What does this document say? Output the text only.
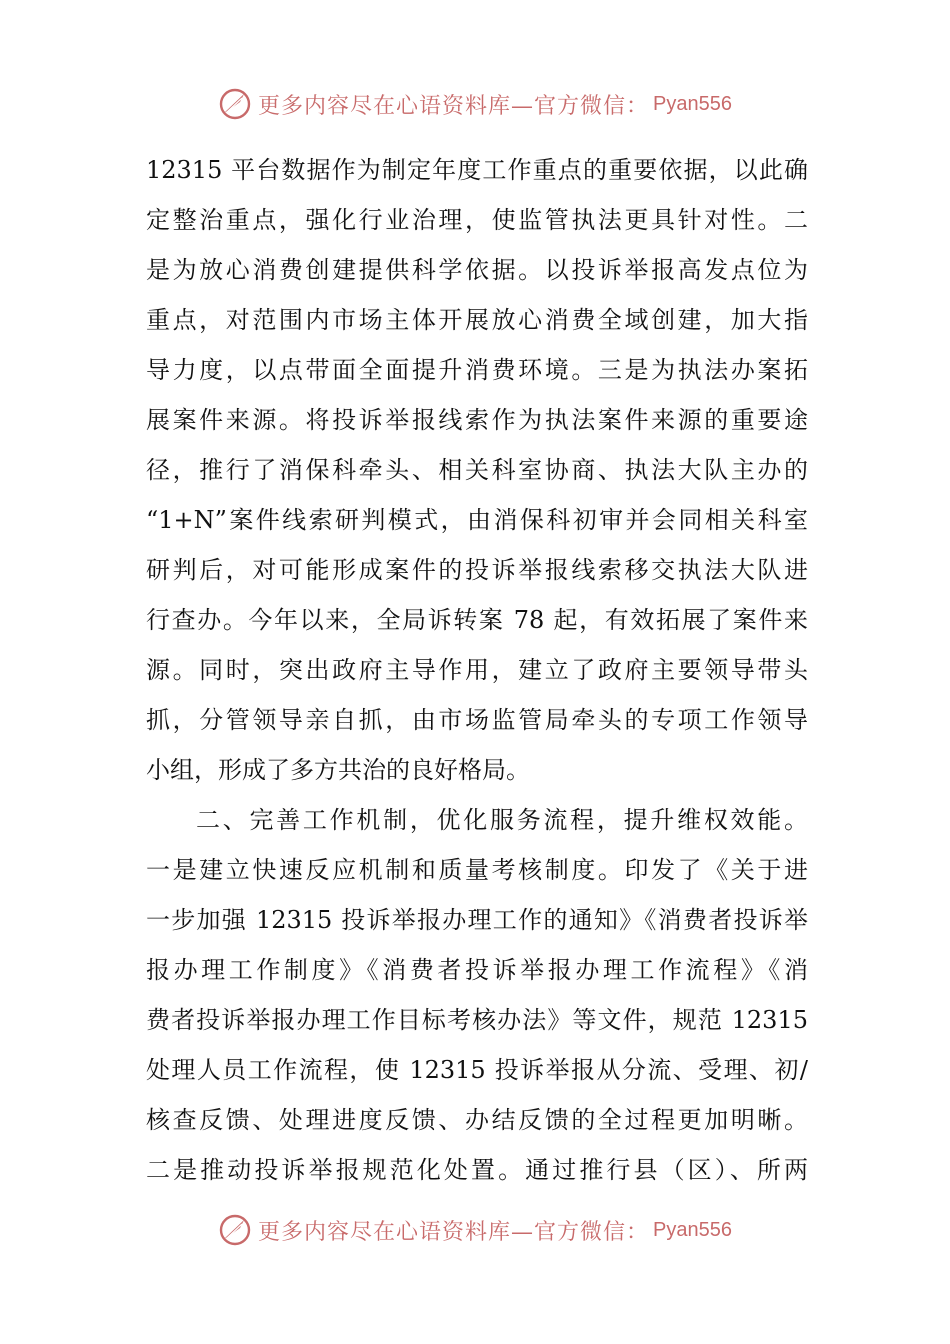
更多内容尽在心语资料库—官方微信： Pyan556
12315 平台数据作为制定年度工作重点的重要依据，以此确
定整治重点，强化行业治理，使监管执法更具针对性。二
是为放心消费创建提供科学依据。以投诉举报高发点位为
重点，对范围内市场主体开展放心消费全域创建，加大指
导力度，以点带面全面提升消费环境。三是为执法办案拓
展案件来源。将投诉举报线索作为执法案件来源的重要途
径，推行了消保科牵头、相关科室协商、执法大队主办的
“1+N”案件线索研判模式，由消保科初审并会同相关科室
研判后，对可能形成案件的投诉举报线索移交执法大队进
行查办。今年以来，全局诉转案 78 起，有效拓展了案件来
源。同时，突出政府主导作用，建立了政府主要领导带头
抓，分管领导亲自抓，由市场监管局牵头的专项工作领导
小组，形成了多方共治的良好格局。
二、完善工作机制，优化服务流程，提升维权效能。
一是建立快速反应机制和质量考核制度。印发了《关于进
一步加强 12315 投诉举报办理工作的通知》《消费者投诉举
报办理工作制度》《消费者投诉举报办理工作流程》《消
费者投诉举报办理工作目标考核办法》等文件，规范 12315
处理人员工作流程，使 12315 投诉举报从分流、受理、初/
核查反馈、处理进度反馈、办结反馈的全过程更加明晰。
二是推动投诉举报规范化处置。通过推行县（区）、所两
更多内容尽在心语资料库—官方微信： Pyan556
